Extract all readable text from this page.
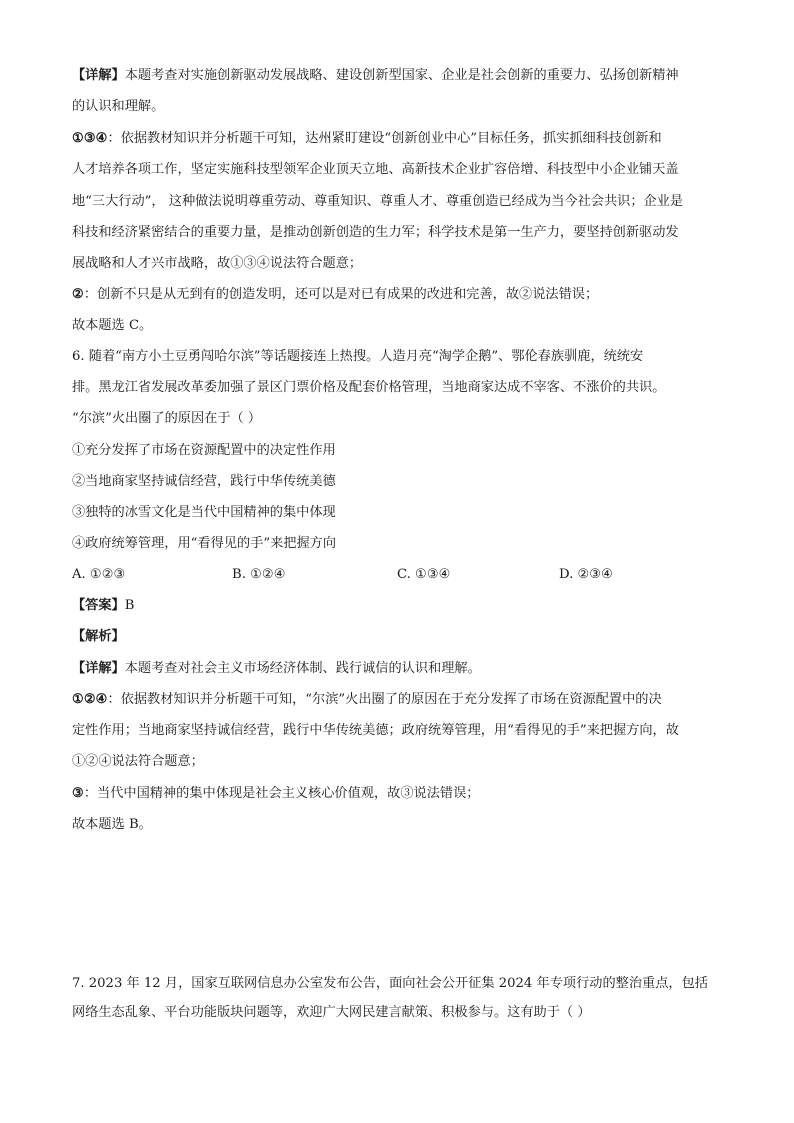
【详解】本题考查对实施创新驱动发展战略、建设创新型国家、企业是社会创新的重要力、弘扬创新精神
的认识和理解。
①③④：依据教材知识并分析题干可知，达州紧盯建设“创新创业中心”目标任务，抓实抓细科技创新和
人才培养各项工作，坚定实施科技型领军企业顶天立地、高新技术企业扩容倍增、科技型中小企业铺天盖
地“三大行动”， 这种做法说明尊重劳动、尊重知识、尊重人才、尊重创造已经成为当今社会共识；企业是
科技和经济紧密结合的重要力量，是推动创新创造的生力军；科学技术是第一生产力，要坚持创新驱动发
展战略和人才兴市战略，故①③④说法符合题意；
②：创新不只是从无到有的创造发明，还可以是对已有成果的改进和完善，故②说法错误；
故本题选 C。
6. 随着“南方小土豆勇闯哈尔滨”等话题接连上热搜。人造月亮“淘学企鹅”、鄂伦春族驯鹿，统统安
排。黑龙江省发展改革委加强了景区门票价格及配套价格管理，当地商家达成不宰客、不涨价的共识。
“尔滨”火出圈了的原因在于（ ）
①充分发挥了市场在资源配置中的决定性作用
②当地商家坚持诚信经营，践行中华传统美德
③独特的冰雪文化是当代中国精神的集中体现
④政府统筹管理，用“看得见的手”来把握方向
A. ①②③	B. ①②④	C. ①③④	D. ②③④
【答案】B
【解析】
【详解】本题考查对社会主义市场经济体制、践行诚信的认识和理解。
①②④：依据教材知识并分析题干可知，“尔滨”火出圈了的原因在于充分发挥了市场在资源配置中的决
定性作用；当地商家坚持诚信经营，践行中华传统美德；政府统筹管理，用“看得见的手”来把握方向，故
①②④说法符合题意；
③：当代中国精神的集中体现是社会主义核心价值观，故③说法错误；
故本题选 B。
7. 2023 年 12 月，国家互联网信息办公室发布公告，面向社会公开征集 2024 年专项行动的整治重点，包括
网络生态乱象、平台功能版块问题等，欢迎广大网民建言献策、积极参与。这有助于（ ）
